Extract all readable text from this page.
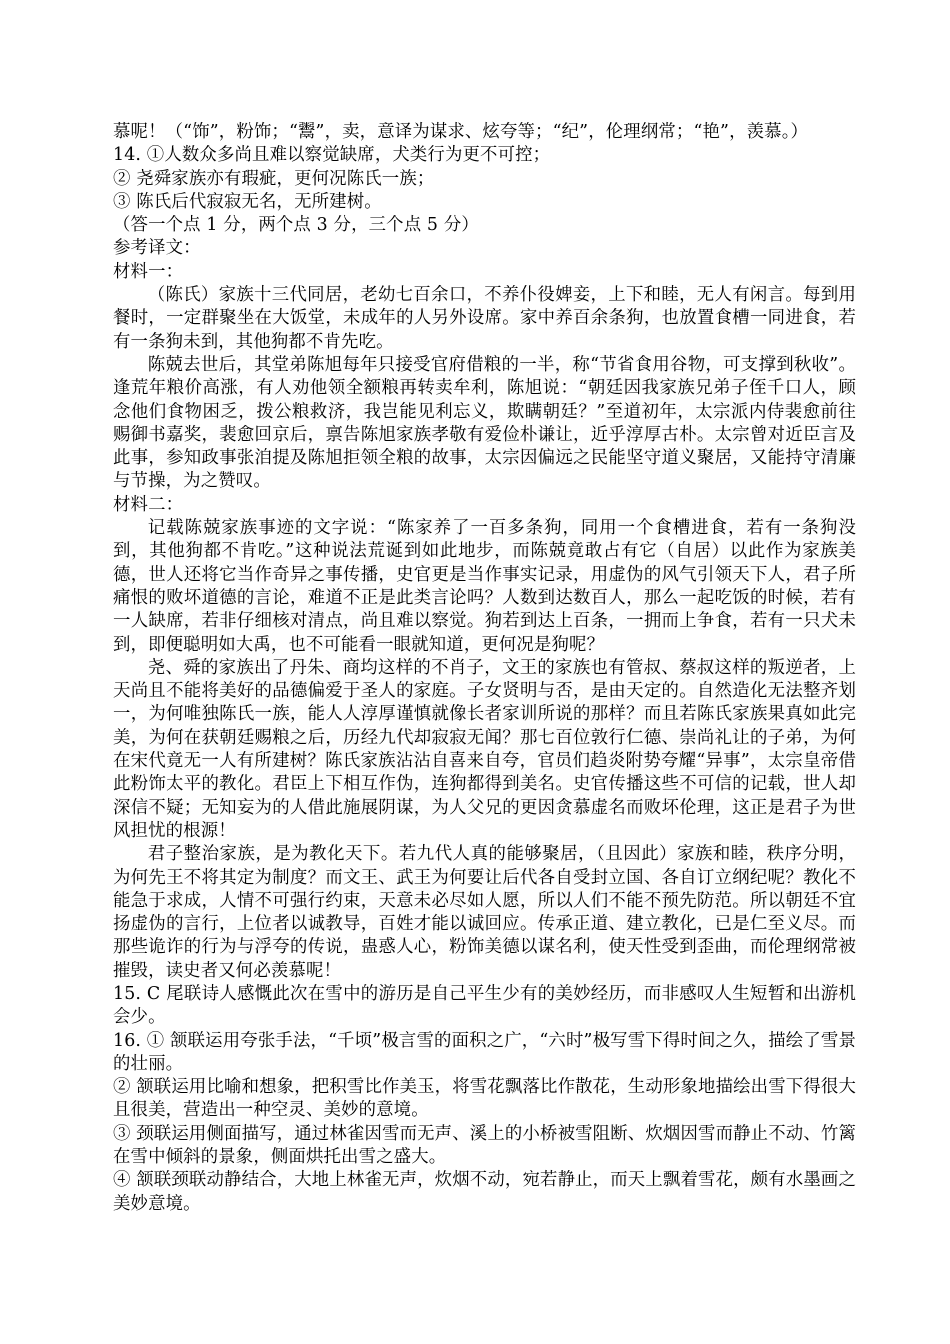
慕呢！（“饰”，粉饰；“鬻”，卖，意译为谋求、炫夸等；“纪”，伦理纲常；“艳”，羡慕。）

14. ①人数众多尚且难以察觉缺席，犬类行为更不可控；

② 尧舜家族亦有瑕疵，更何况陈氏一族；

③ 陈氏后代寂寂无名，无所建树。

（答一个点 1 分，两个点 3 分，三个点 5 分）

参考译文：

材料一：

（陈氏）家族十三代同居，老幼七百余口，不养仆役婢妾，上下和睦，无人有闲言。每到用餐时，一定群聚坐在大饭堂，未成年的人另外设席。家中养百余条狗，也放置食槽一同进食，若有一条狗未到，其他狗都不肯先吃。

陈兢去世后，其堂弟陈旭每年只接受官府借粮的一半，称“节省食用谷物，可支撑到秋收”。逢荒年粮价高涨，有人劝他领全额粮再转卖牟利，陈旭说：“朝廷因我家族兄弟子侄千口人，顾念他们食物困乏，拨公粮救济，我岂能见利忘义，欺瞒朝廷？”至道初年，太宗派内侍裴愈前往赐御书嘉奖，裴愈回京后，禀告陈旭家族孝敬有爱俭朴谦让，近乎淳厚古朴。太宗曾对近臣言及此事，参知政事张洎提及陈旭拒领全粮的故事，太宗因偏远之民能坚守道义聚居，又能持守清廉与节操，为之赞叹。

材料二：

记载陈兢家族事迹的文字说：“陈家养了一百多条狗，同用一个食槽进食，若有一条狗没到，其他狗都不肯吃。”这种说法荒诞到如此地步，而陈兢竟敢占有它（自居）以此作为家族美德，世人还将它当作奇异之事传播，史官更是当作事实记录，用虚伪的风气引领天下人，君子所痛恨的败坏道德的言论，难道不正是此类言论吗？人数到达数百人，那么一起吃饭的时候，若有一人缺席，若非仔细核对清点，尚且难以察觉。狗若到达上百条，一拥而上争食，若有一只犬未到，即便聪明如大禹，也不可能看一眼就知道，更何况是狗呢？

尧、舜的家族出了丹朱、商均这样的不肖子，文王的家族也有管叔、蔡叔这样的叛逆者，上天尚且不能将美好的品德偏爱于圣人的家庭。子女贤明与否，是由天定的。自然造化无法整齐划一，为何唯独陈氏一族，能人人淳厚谨慎就像长者家训所说的那样？而且若陈氏家族果真如此完美，为何在获朝廷赐粮之后，历经九代却寂寂无闻？那七百位敦行仁德、崇尚礼让的子弟，为何在宋代竟无一人有所建树？陈氏家族沾沾自喜来自夸，官员们趋炎附势夸耀“异事”，太宗皇帝借此粉饰太平的教化。君臣上下相互作伪，连狗都得到美名。史官传播这些不可信的记载，世人却深信不疑；无知妄为的人借此施展阴谋，为人父兄的更因贪慕虚名而败坏伦理，这正是君子为世风担忧的根源！

君子整治家族，是为教化天下。若九代人真的能够聚居，（且因此）家族和睦，秩序分明，为何先王不将其定为制度？而文王、武王为何要让后代各自受封立国、各自订立纲纪呢？教化不能急于求成，人情不可强行约束，天意未必尽如人愿，所以人们不能不预先防范。所以朝廷不宜扬虚伪的言行，上位者以诚教导，百姓才能以诚回应。传承正道、建立教化，已是仁至义尽。而那些诡诈的行为与浮夸的传说，蛊惑人心，粉饰美德以谋名利，使天性受到歪曲，而伦理纲常被摧毁，读史者又何必羡慕呢！

15. C 尾联诗人感慨此次在雪中的游历是自己平生少有的美妙经历，而非感叹人生短暂和出游机会少。

16. ① 颔联运用夸张手法，“千顷”极言雪的面积之广，“六时”极写雪下得时间之久，描绘了雪景的壮丽。

② 颔联运用比喻和想象，把积雪比作美玉，将雪花飘落比作散花，生动形象地描绘出雪下得很大且很美，营造出一种空灵、美妙的意境。

③ 颈联运用侧面描写，通过林雀因雪而无声、溪上的小桥被雪阻断、炊烟因雪而静止不动、竹篱在雪中倾斜的景象，侧面烘托出雪之盛大。

④ 颔联颈联动静结合，大地上林雀无声，炊烟不动，宛若静止，而天上飘着雪花，颇有水墨画之美妙意境。
